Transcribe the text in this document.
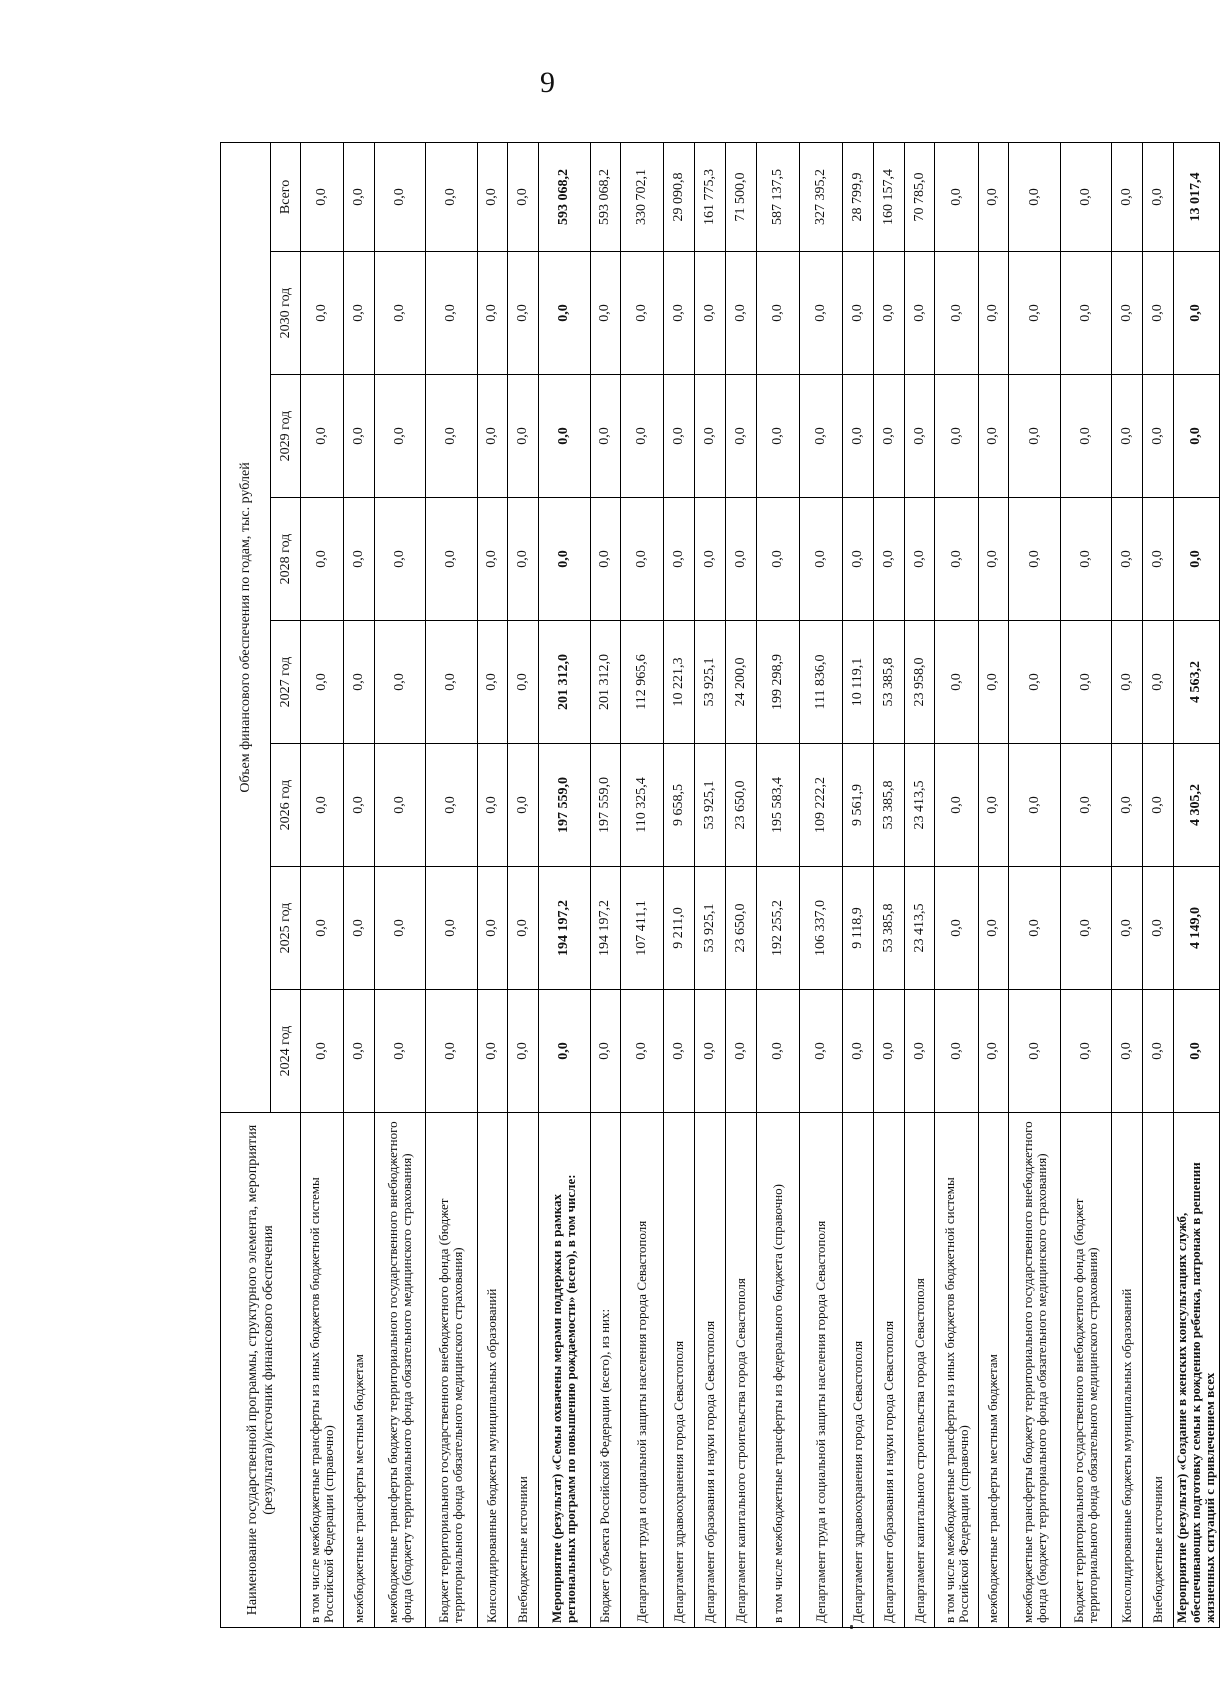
9
Наименование государственной программы, структурного элемента, мероприятия (результата)/источник финансового обеспечения	Объем финансового обеспечения по годам, тыс. рублей							
	2024 год	2025 год	2026 год	2027 год	2028 год	2029 год	2030 год	Всего
в том числе межбюджетные трансферты из иных бюджетов бюджетной системы Российской Федерации (справочно)	0,0	0,0	0,0	0,0	0,0	0,0	0,0	0,0
межбюджетные трансферты местным бюджетам	0,0	0,0	0,0	0,0	0,0	0,0	0,0	0,0
межбюджетные трансферты бюджету территориального государственного внебюджетного фонда (бюджету территориального фонда обязательного медицинского страхования)	0,0	0,0	0,0	0,0	0,0	0,0	0,0	0,0
Бюджет территориального государственного внебюджетного фонда (бюджет территориального фонда обязательного медицинского страхования)	0,0	0,0	0,0	0,0	0,0	0,0	0,0	0,0
Консолидированные бюджеты муниципальных образований	0,0	0,0	0,0	0,0	0,0	0,0	0,0	0,0
Внебюджетные источники	0,0	0,0	0,0	0,0	0,0	0,0	0,0	0,0
Мероприятие (результат) «Семьи охвачены мерами поддержки в рамках региональных программ по повышению рождаемости» (всего), в том числе:	0,0	194 197,2	197 559,0	201 312,0	0,0	0,0	0,0	593 068,2
Бюджет субъекта Российской Федерации (всего), из них:	0,0	194 197,2	197 559,0	201 312,0	0,0	0,0	0,0	593 068,2
Департамент труда и социальной защиты населения города Севастополя	0,0	107 411,1	110 325,4	112 965,6	0,0	0,0	0,0	330 702,1
Департамент здравоохранения города Севастополя	0,0	9 211,0	9 658,5	10 221,3	0,0	0,0	0,0	29 090,8
Департамент образования и науки города Севастополя	0,0	53 925,1	53 925,1	53 925,1	0,0	0,0	0,0	161 775,3
Департамент капитального строительства города Севастополя	0,0	23 650,0	23 650,0	24 200,0	0,0	0,0	0,0	71 500,0
в том числе межбюджетные трансферты из федерального бюджета (справочно)	0,0	192 255,2	195 583,4	199 298,9	0,0	0,0	0,0	587 137,5
Департамент труда и социальной защиты населения города Севастополя	0,0	106 337,0	109 222,2	111 836,0	0,0	0,0	0,0	327 395,2
Департамент здравоохранения города Севастополя	0,0	9 118,9	9 561,9	10 119,1	0,0	0,0	0,0	28 799,9
Департамент образования и науки города Севастополя	0,0	53 385,8	53 385,8	53 385,8	0,0	0,0	0,0	160 157,4
Департамент капитального строительства города Севастополя	0,0	23 413,5	23 413,5	23 958,0	0,0	0,0	0,0	70 785,0
в том числе межбюджетные трансферты из иных бюджетов бюджетной системы Российской Федерации (справочно)	0,0	0,0	0,0	0,0	0,0	0,0	0,0	0,0
межбюджетные трансферты местным бюджетам	0,0	0,0	0,0	0,0	0,0	0,0	0,0	0,0
межбюджетные трансферты бюджету территориального государственного внебюджетного фонда (бюджету территориального фонда обязательного медицинского страхования)	0,0	0,0	0,0	0,0	0,0	0,0	0,0	0,0
Бюджет территориального государственного внебюджетного фонда (бюджет территориального фонда обязательного медицинского страхования)	0,0	0,0	0,0	0,0	0,0	0,0	0,0	0,0
Консолидированные бюджеты муниципальных образований	0,0	0,0	0,0	0,0	0,0	0,0	0,0	0,0
Внебюджетные источники	0,0	0,0	0,0	0,0	0,0	0,0	0,0	0,0
Мероприятие (результат) «Создание в женских консультациях служб, обеспечивающих подготовку семьи к рождению ребенка, патронаж в решении жизненных ситуаций с привлечением всех	0,0	4 149,0	4 305,2	4 563,2	0,0	0,0	0,0	13 017,4
